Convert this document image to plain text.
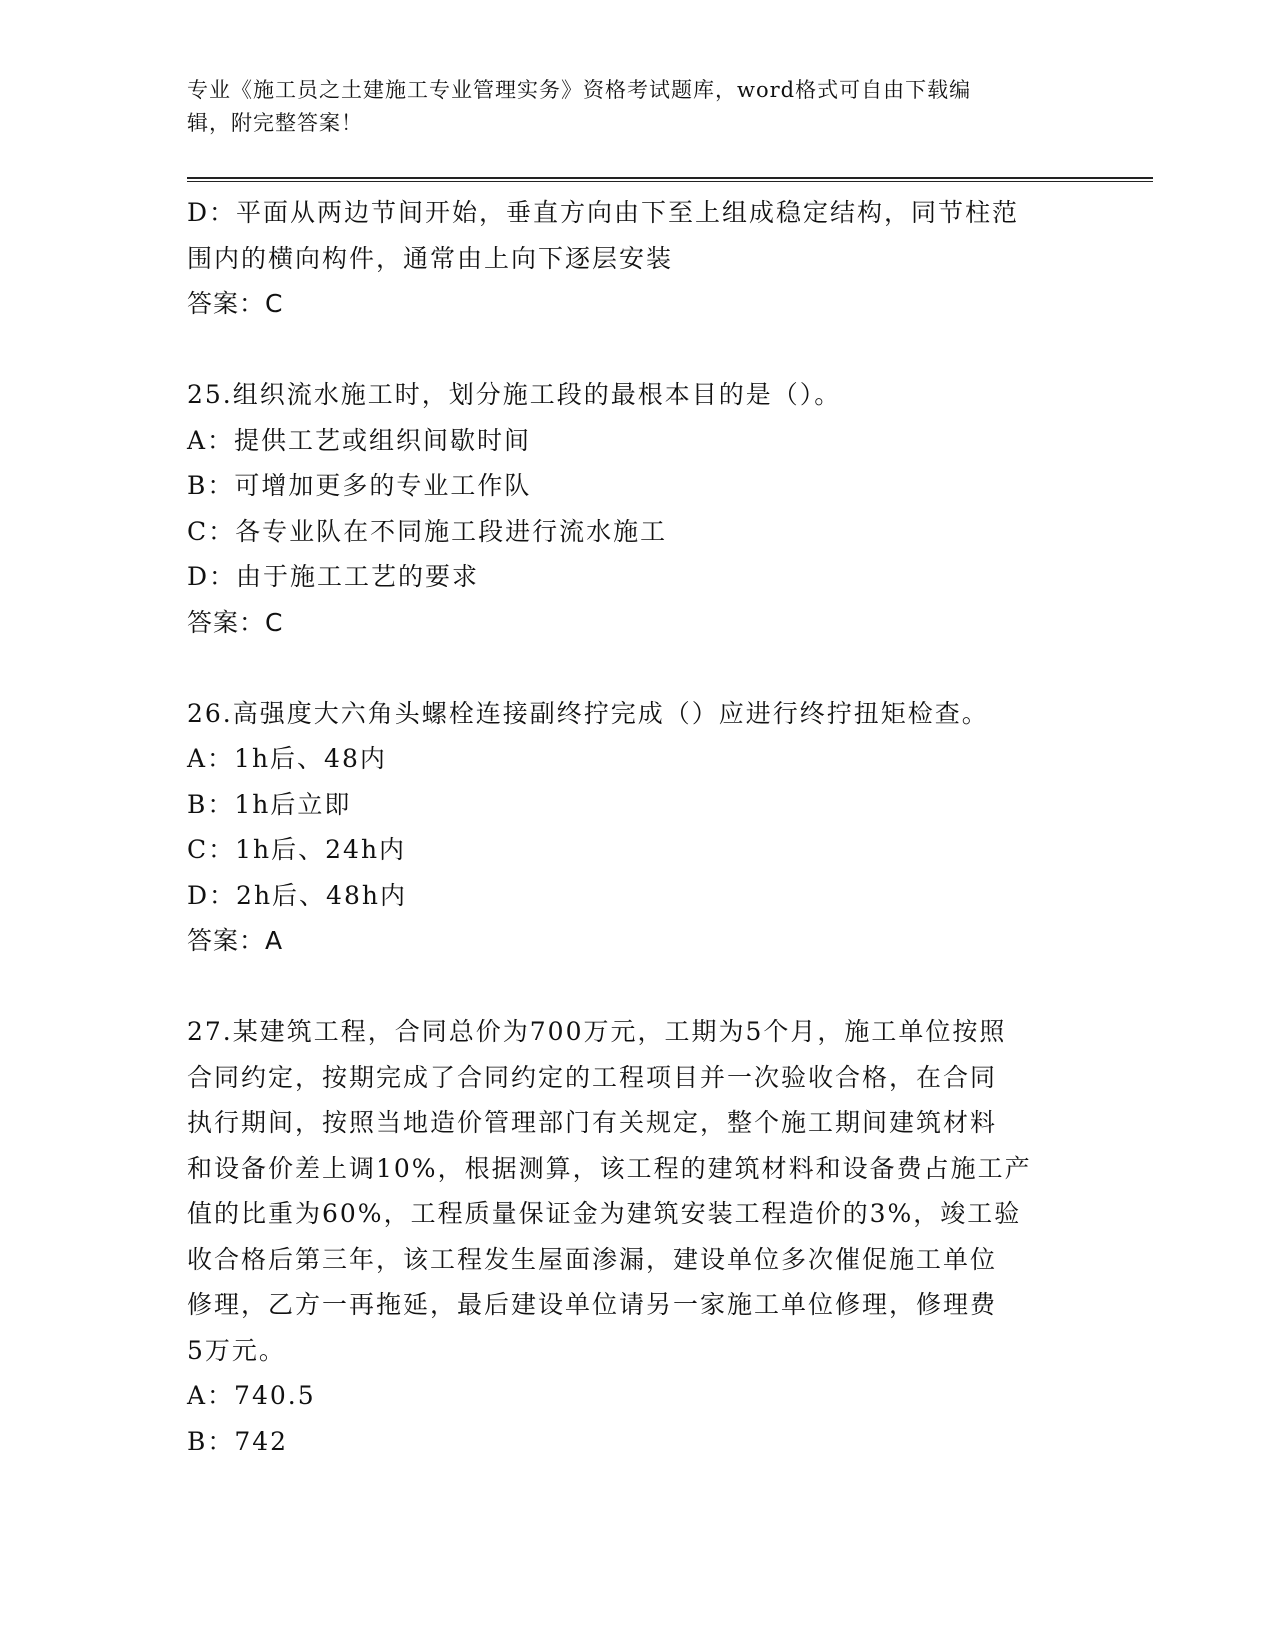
专业《施工员之土建施工专业管理实务》资格考试题库，word格式可自由下载编
辑，附完整答案！
D：平面从两边节间开始，垂直方向由下至上组成稳定结构，同节柱范
围内的横向构件，通常由上向下逐层安装
答案：C
25.组织流水施工时，划分施工段的最根本目的是（）。
A：提供工艺或组织间歇时间
B：可增加更多的专业工作队
C：各专业队在不同施工段进行流水施工
D：由于施工工艺的要求
答案：C
26.高强度大六角头螺栓连接副终拧完成（）应进行终拧扭矩检查。
A：1h后、48内
B：1h后立即
C：1h后、24h内
D：2h后、48h内
答案：A
27.某建筑工程，合同总价为700万元，工期为5个月，施工单位按照
合同约定，按期完成了合同约定的工程项目并一次验收合格，在合同
执行期间，按照当地造价管理部门有关规定，整个施工期间建筑材料
和设备价差上调10%，根据测算，该工程的建筑材料和设备费占施工产
值的比重为60%，工程质量保证金为建筑安装工程造价的3%，竣工验
收合格后第三年，该工程发生屋面渗漏，建设单位多次催促施工单位
修理，乙方一再拖延，最后建设单位请另一家施工单位修理，修理费
5万元。
A：740.5
B：742
